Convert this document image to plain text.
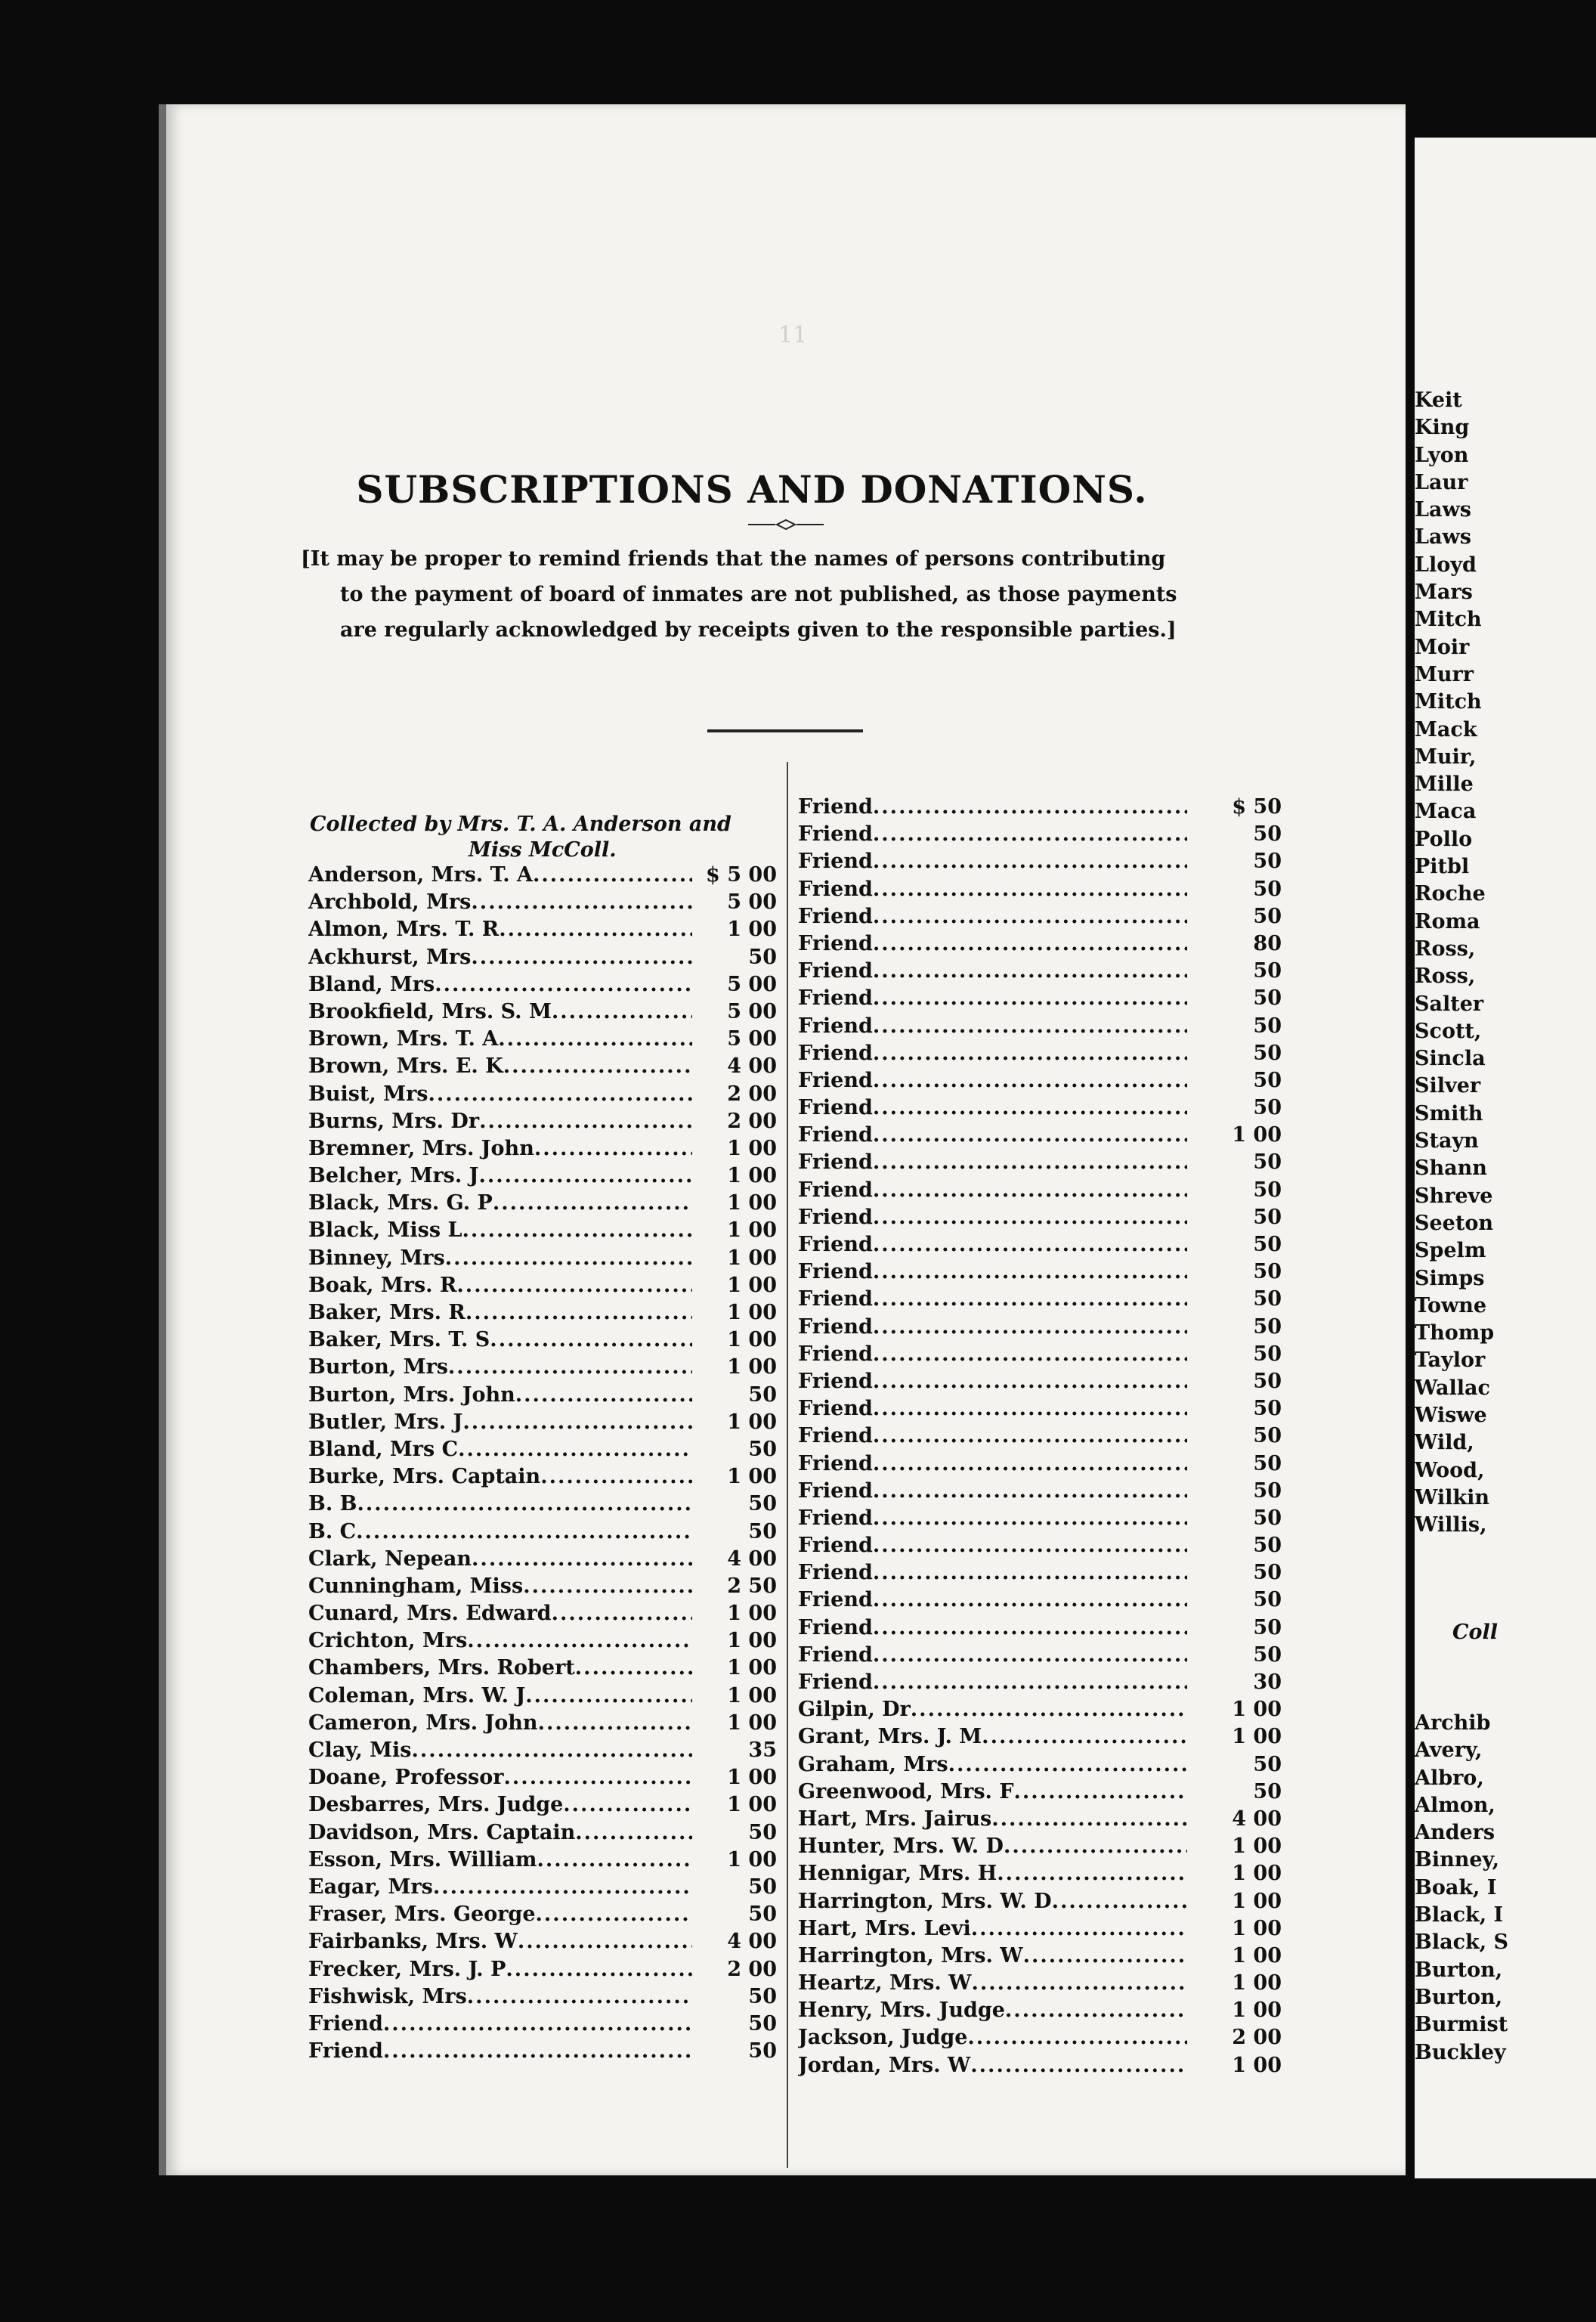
11
SUBSCRIPTIONS AND DONATIONS.
[It may be proper to remind friends that the names of persons contributing
to the payment of board of inmates are not published, as those payments
are regularly acknowledged by receipts given to the responsible parties.]
Collected by Mrs. T. A. Anderson and
Miss McColl.
Anderson, Mrs. T. A .....	$ 5 00
Archbold, Mrs .....	5 00
Almon, Mrs. T. R .....	1 00
Ackhurst, Mrs .....	50
Bland, Mrs .....	5 00
Brookfield, Mrs. S. M .....	5 00
Brown, Mrs. T. A .....	5 00
Brown, Mrs. E. K .....	4 00
Buist, Mrs .....	2 00
Burns, Mrs. Dr .....	2 00
Bremner, Mrs. John .....	1 00
Belcher, Mrs. J .....	1 00
Black, Mrs. G. P .....	1 00
Black, Miss L .....	1 00
Binney, Mrs .....	1 00
Boak, Mrs. R .....	1 00
Baker, Mrs. R .....	1 00
Baker, Mrs. T. S .....	1 00
Burton, Mrs .....	1 00
Burton, Mrs. John .....	50
Butler, Mrs. J .....	1 00
Bland, Mrs C .....	50
Burke, Mrs. Captain .....	1 00
B. B .....	50
B. C .....	50
Clark, Nepean .....	4 00
Cunningham, Miss .....	2 50
Cunard, Mrs. Edward .....	1 00
Crichton, Mrs .....	1 00
Chambers, Mrs. Robert .....	1 00
Coleman, Mrs. W. J .....	1 00
Cameron, Mrs. John .....	1 00
Clay, Mis .....	35
Doane, Professor .....	1 00
Desbarres, Mrs. Judge .....	1 00
Davidson, Mrs. Captain .....	50
Esson, Mrs. William .....	1 00
Eagar, Mrs .....	50
Fraser, Mrs. George .....	50
Fairbanks, Mrs. W .....	4 00
Frecker, Mrs. J. P .....	2 00
Fishwisk, Mrs .....	50
Friend .....	50
Friend .....	50
Friend .....	$ 50
Friend .....	50
Friend .....	50
Friend .....	50
Friend .....	50
Friend .....	80
Friend .....	50
Friend .....	50
Friend .....	50
Friend .....	50
Friend .....	50
Friend .....	50
Friend .....	1 00
Friend .....	50
Friend .....	50
Friend .....	50
Friend .....	50
Friend .....	50
Friend .....	50
Friend .....	50
Friend .....	50
Friend .....	50
Friend .....	50
Friend .....	50
Friend .....	50
Friend .....	50
Friend .....	50
Friend .....	50
Friend .....	50
Friend .....	50
Friend .....	50
Friend .....	50
Friend .....	30
Gilpin, Dr .....	1 00
Grant, Mrs. J. M .....	1 00
Graham, Mrs .....	50
Greenwood, Mrs. F .....	50
Hart, Mrs. Jairus .....	4 00
Hunter, Mrs. W. D .....	1 00
Hennigar, Mrs. H .....	1 00
Harrington, Mrs. W. D .....	1 00
Hart, Mrs. Levi .....	1 00
Harrington, Mrs. W .....	1 00
Heartz, Mrs. W .....	1 00
Henry, Mrs. Judge .....	1 00
Jackson, Judge .....	2 00
Jordan, Mrs. W .....	1 00
Keit
King
Lyon
Laur
Laws
Laws
Lloyd
Mars
Mitch
Moir
Murr
Mitch
Mack
Muir,
Mille
Maca
Pollo
Pitbl
Roche
Roma
Ross,
Ross,
Salter
Scott,
Sincla
Silver
Smith
Stayn
Shann
Shreve
Seeton
Spelm
Simps
Towne
Thomp
Taylor
Wallac
Wiswe
Wild,
Wood,
Wilkin
Willis,
Coll
Archib
Avery,
Albro,
Almon,
Anders
Binney,
Boak, I
Black, I
Black, S
Burton,
Burton,
Burmist
Buckley
